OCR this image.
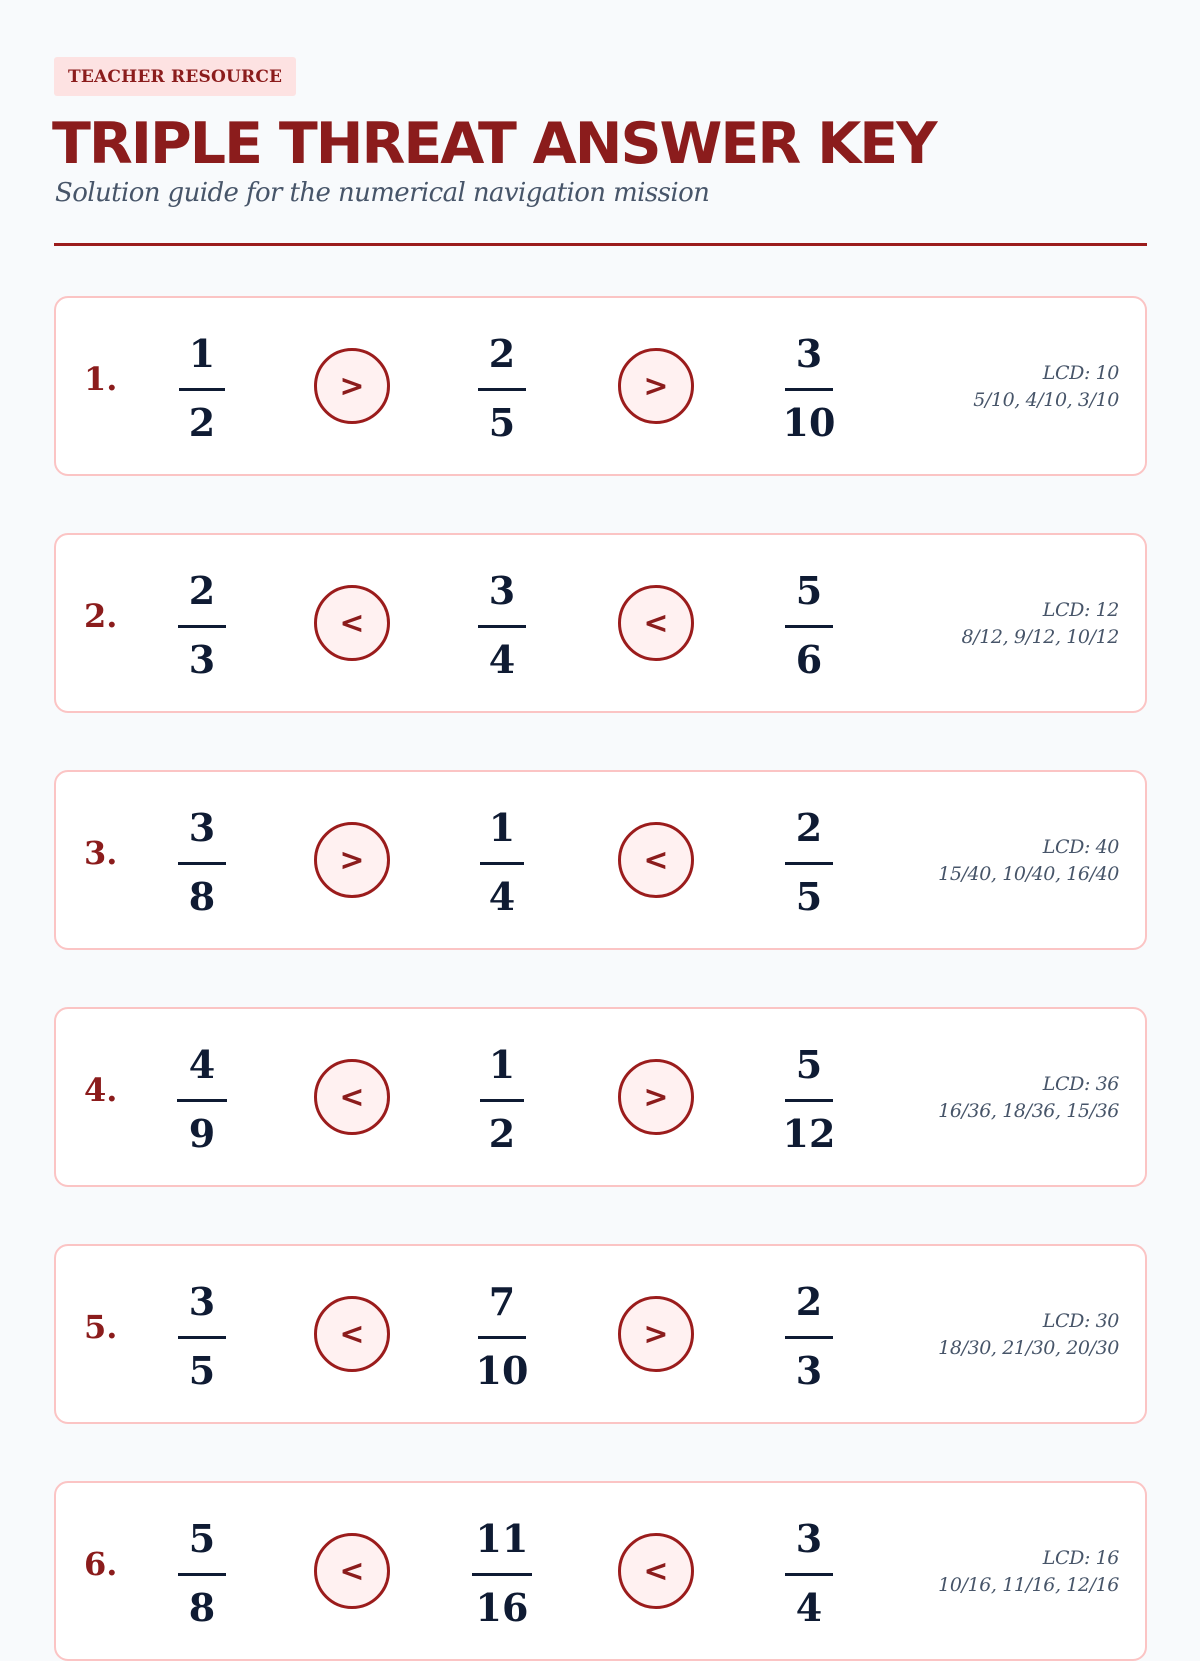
TEACHER RESOURCE
TRIPLE THREAT ANSWER KEY

Solution guide for the numerical navigation mission

1.
1
2
>
2
5
>
3
10
LCD: 10
5/10, 4/10, 3/10
2.
2
3
<
3
4
<
5
6
LCD: 12
8/12, 9/12, 10/12
3.
3
8
>
1
4
<
2
5
LCD: 40
15/40, 10/40, 16/40
4.
4
9
<
1
2
>
5
12
LCD: 36
16/36, 18/36, 15/36
5.
3
5
<
7
10
>
2
3
LCD: 30
18/30, 21/30, 20/30
6.
5
8
<
11
16
<
3
4
LCD: 16
10/16, 11/16, 12/16
